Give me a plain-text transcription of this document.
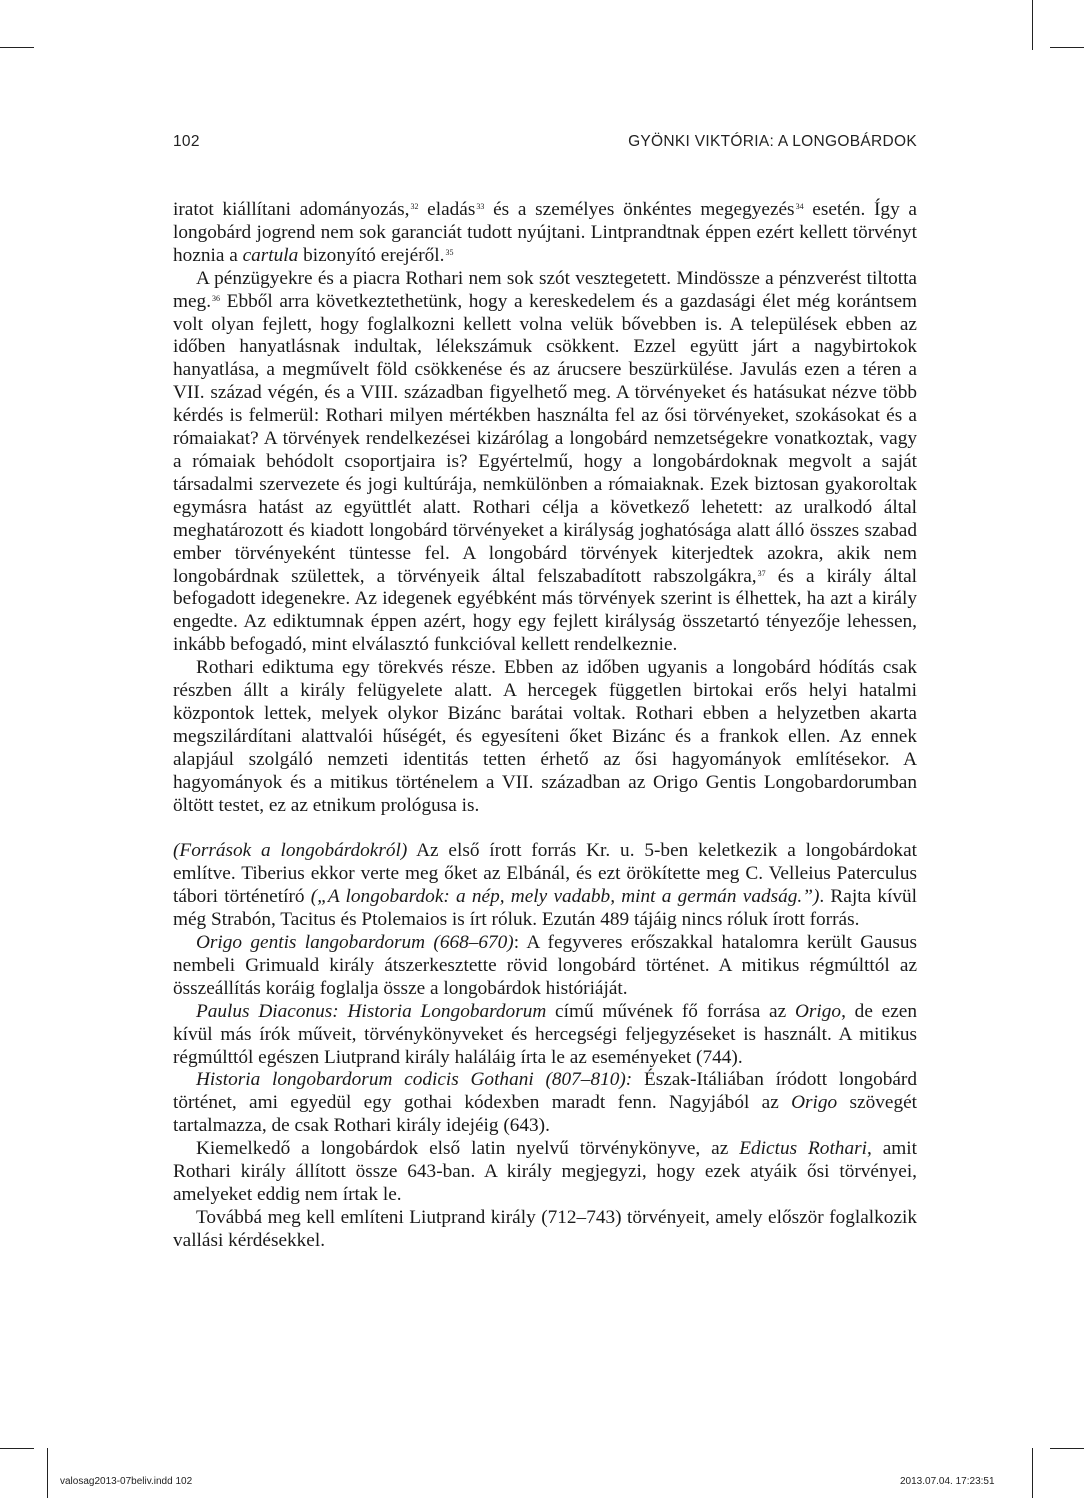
102	GYÖNKI VIKTÓRIA: A LONGOBÁRDOK

iratot kiállítani adományozás,$^{32}$ eladás$^{33}$ és a személyes önkéntes megegyezés$^{34}$ esetén. Így a longobárd jogrend nem sok garanciát tudott nyújtani. Lintprandtnak éppen ezért kellett törvényt hoznia a cartula bizonyító erejéről.$^{35}$

A pénzügyekre és a piacra Rothari nem sok szót vesztegetett. Mindössze a pénzverést tiltotta meg.$^{36}$ Ebből arra következtethetünk, hogy a kereskedelem és a gazdasági élet még korántsem volt olyan fejlett, hogy foglalkozni kellett volna velük bővebben is. A települések ebben az időben hanyatlásnak indultak, lélekszámuk csökkent. Ezzel együtt járt a nagybirtokok hanyatlása, a megművelt föld csökkenése és az árucsere beszürkülése. Javulás ezen a téren a VII. század végén, és a VIII. században figyelhető meg. A törvényeket és hatásukat nézve több kérdés is felmerül: Rothari milyen mértékben használta fel az ősi törvényeket, szokásokat és a rómaiakat? A törvények rendelkezései kizárólag a longobárd nemzetségekre vonatkoztak, vagy a rómaiak behódolt csoportjaira is? Egyértelmű, hogy a longobárdoknak megvolt a saját társadalmi szervezete és jogi kultúrája, nemkülönben a rómaiaknak. Ezek biztosan gyakoroltak egymásra hatást az együttlét alatt. Rothari célja a következő lehetett: az uralkodó által meghatározott és kiadott longobárd törvényeket a királyság joghatósága alatt álló összes szabad ember törvényeként tüntesse fel. A longobárd törvények kiterjedtek azokra, akik nem longobárdnak születtek, a törvényeik által felszabadított rabszolgákra,$^{37}$ és a király által befogadott idegenekre. Az idegenek egyébként más törvények szerint is élhettek, ha azt a király engedte. Az ediktumnak éppen azért, hogy egy fejlett királyság összetartó tényezője lehessen, inkább befogadó, mint elválasztó funkcióval kellett rendelkeznie.

Rothari ediktuma egy törekvés része. Ebben az időben ugyanis a longobárd hódítás csak részben állt a király felügyelete alatt. A hercegek független birtokai erős helyi hatalmi központok lettek, melyek olykor Bizánc barátai voltak. Rothari ebben a helyzetben akarta megszilárdítani alattvalói hűségét, és egyesíteni őket Bizánc és a frankok ellen. Az ennek alapjául szolgáló nemzeti identitás tetten érhető az ősi hagyományok említésekor. A hagyományok és a mitikus történelem a VII. században az Origo Gentis Longobardorumban öltött testet, ez az etnikum prológusa is.

(Források a longobárdokról) Az első írott forrás Kr. u. 5-ben keletkezik a longobárdokat említve. Tiberius ekkor verte meg őket az Elbánál, és ezt örökítette meg C. Velleius Paterculus tábori történetíró („A longobardok: a nép, mely vadabb, mint a germán vadság.”). Rajta kívül még Strabón, Tacitus és Ptolemaios is írt róluk. Ezután 489 tájáig nincs róluk írott forrás.

Origo gentis langobardorum (668–670): A fegyveres erőszakkal hatalomra került Gausus nembeli Grimuald király átszerkesztette rövid longobárd történet. A mitikus régmúlttól az összeállítás koráig foglalja össze a longobárdok históriáját.

Paulus Diaconus: Historia Longobardorum című művének fő forrása az Origo, de ezen kívül más írók műveit, törvénykönyveket és hercegségi feljegyzéseket is használt. A mitikus régmúlttól egészen Liutprand király haláláig írta le az eseményeket (744).

Historia longobardorum codicis Gothani (807–810): Észak-Itáliában íródott longobárd történet, ami egyedül egy gothai kódexben maradt fenn. Nagyjából az Origo szövegét tartalmazza, de csak Rothari király idejéig (643).

Kiemelkedő a longobárdok első latin nyelvű törvénykönyve, az Edictus Rothari, amit Rothari király állított össze 643-ban. A király megjegyzi, hogy ezek atyáik ősi törvényei, amelyeket eddig nem írtak le.

Továbbá meg kell említeni Liutprand király (712–743) törvényeit, amely először foglalkozik vallási kérdésekkel.

valosag2013-07beliv.indd 102	2013.07.04. 17:23:51
